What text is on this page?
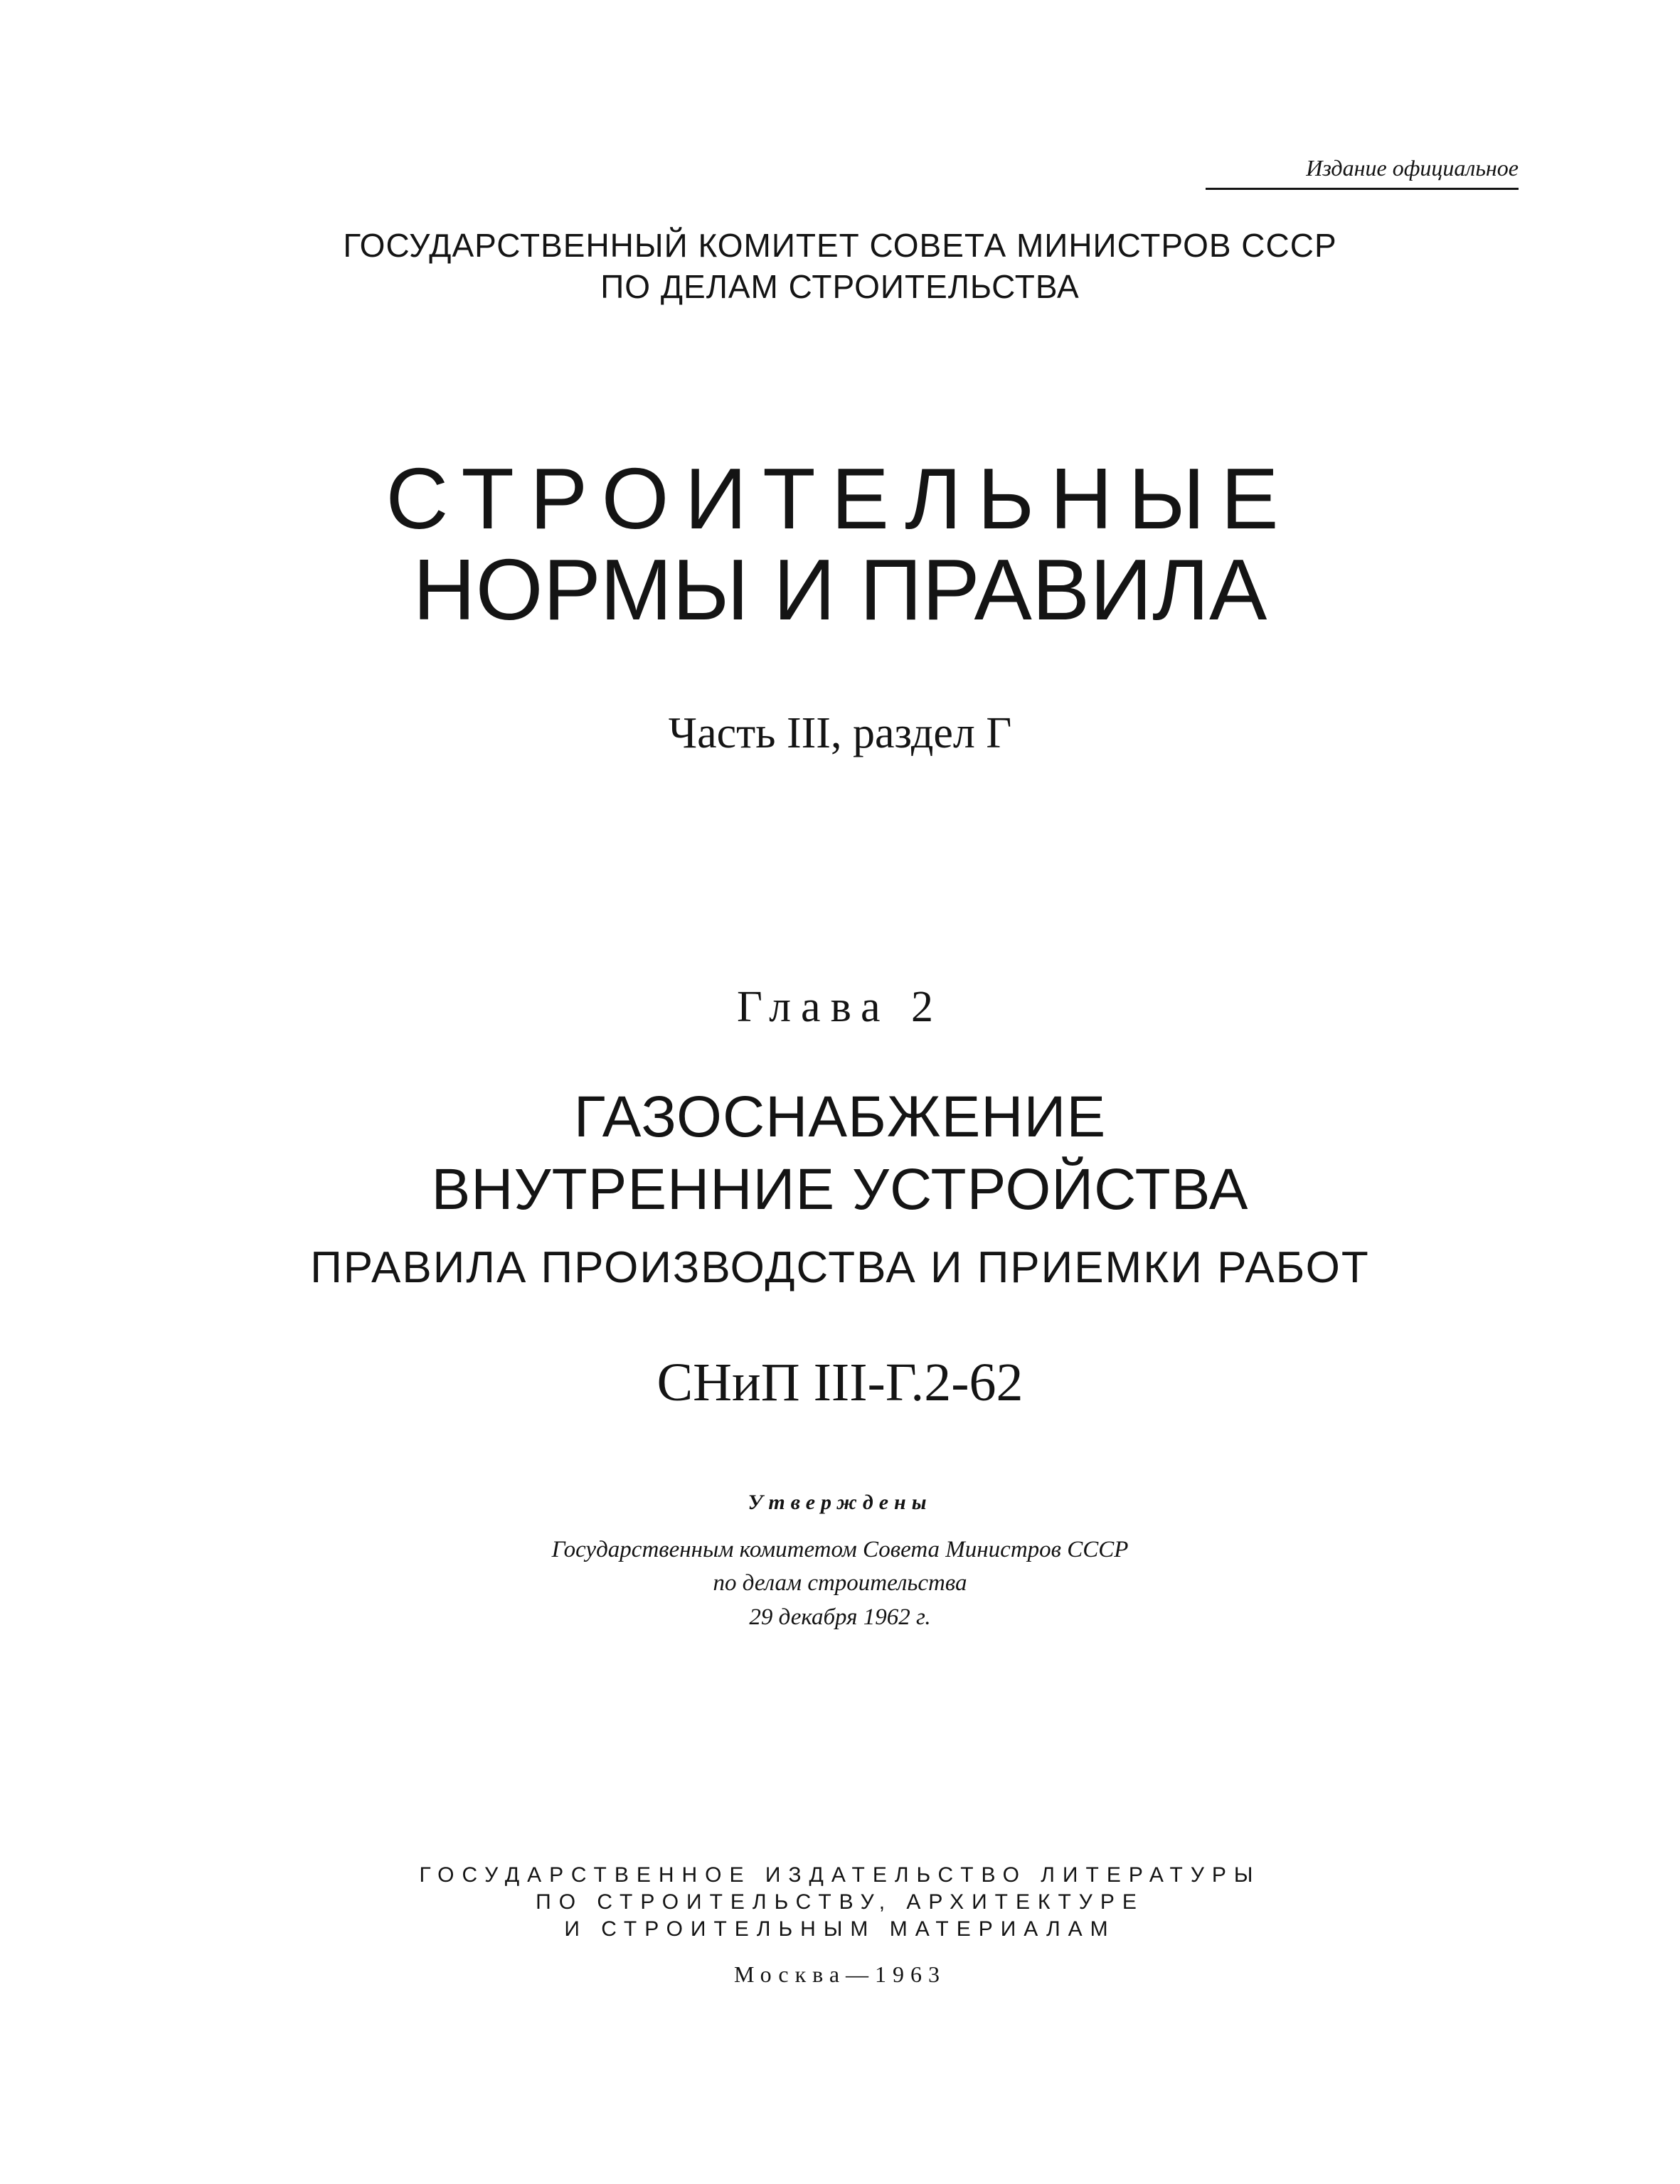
Издание официальное
ГОСУДАРСТВЕННЫЙ КОМИТЕТ СОВЕТА МИНИСТРОВ СССР
ПО ДЕЛАМ СТРОИТЕЛЬСТВА
СТРОИТЕЛЬНЫЕ
НОРМЫ И ПРАВИЛА
Часть III, раздел Г
Глава 2
ГАЗОСНАБЖЕНИЕ
ВНУТРЕННИЕ УСТРОЙСТВА
ПРАВИЛА ПРОИЗВОДСТВА И ПРИЕМКИ РАБОТ
СНиП III-Г.2-62
Утверждены
Государственным комитетом Совета Министров СССР
по делам строительства
29 декабря 1962 г.
ГОСУДАРСТВЕННОЕ ИЗДАТЕЛЬСТВО ЛИТЕРАТУРЫ
ПО СТРОИТЕЛЬСТВУ, АРХИТЕКТУРЕ
И СТРОИТЕЛЬНЫМ МАТЕРИАЛАМ
Москва—1963
